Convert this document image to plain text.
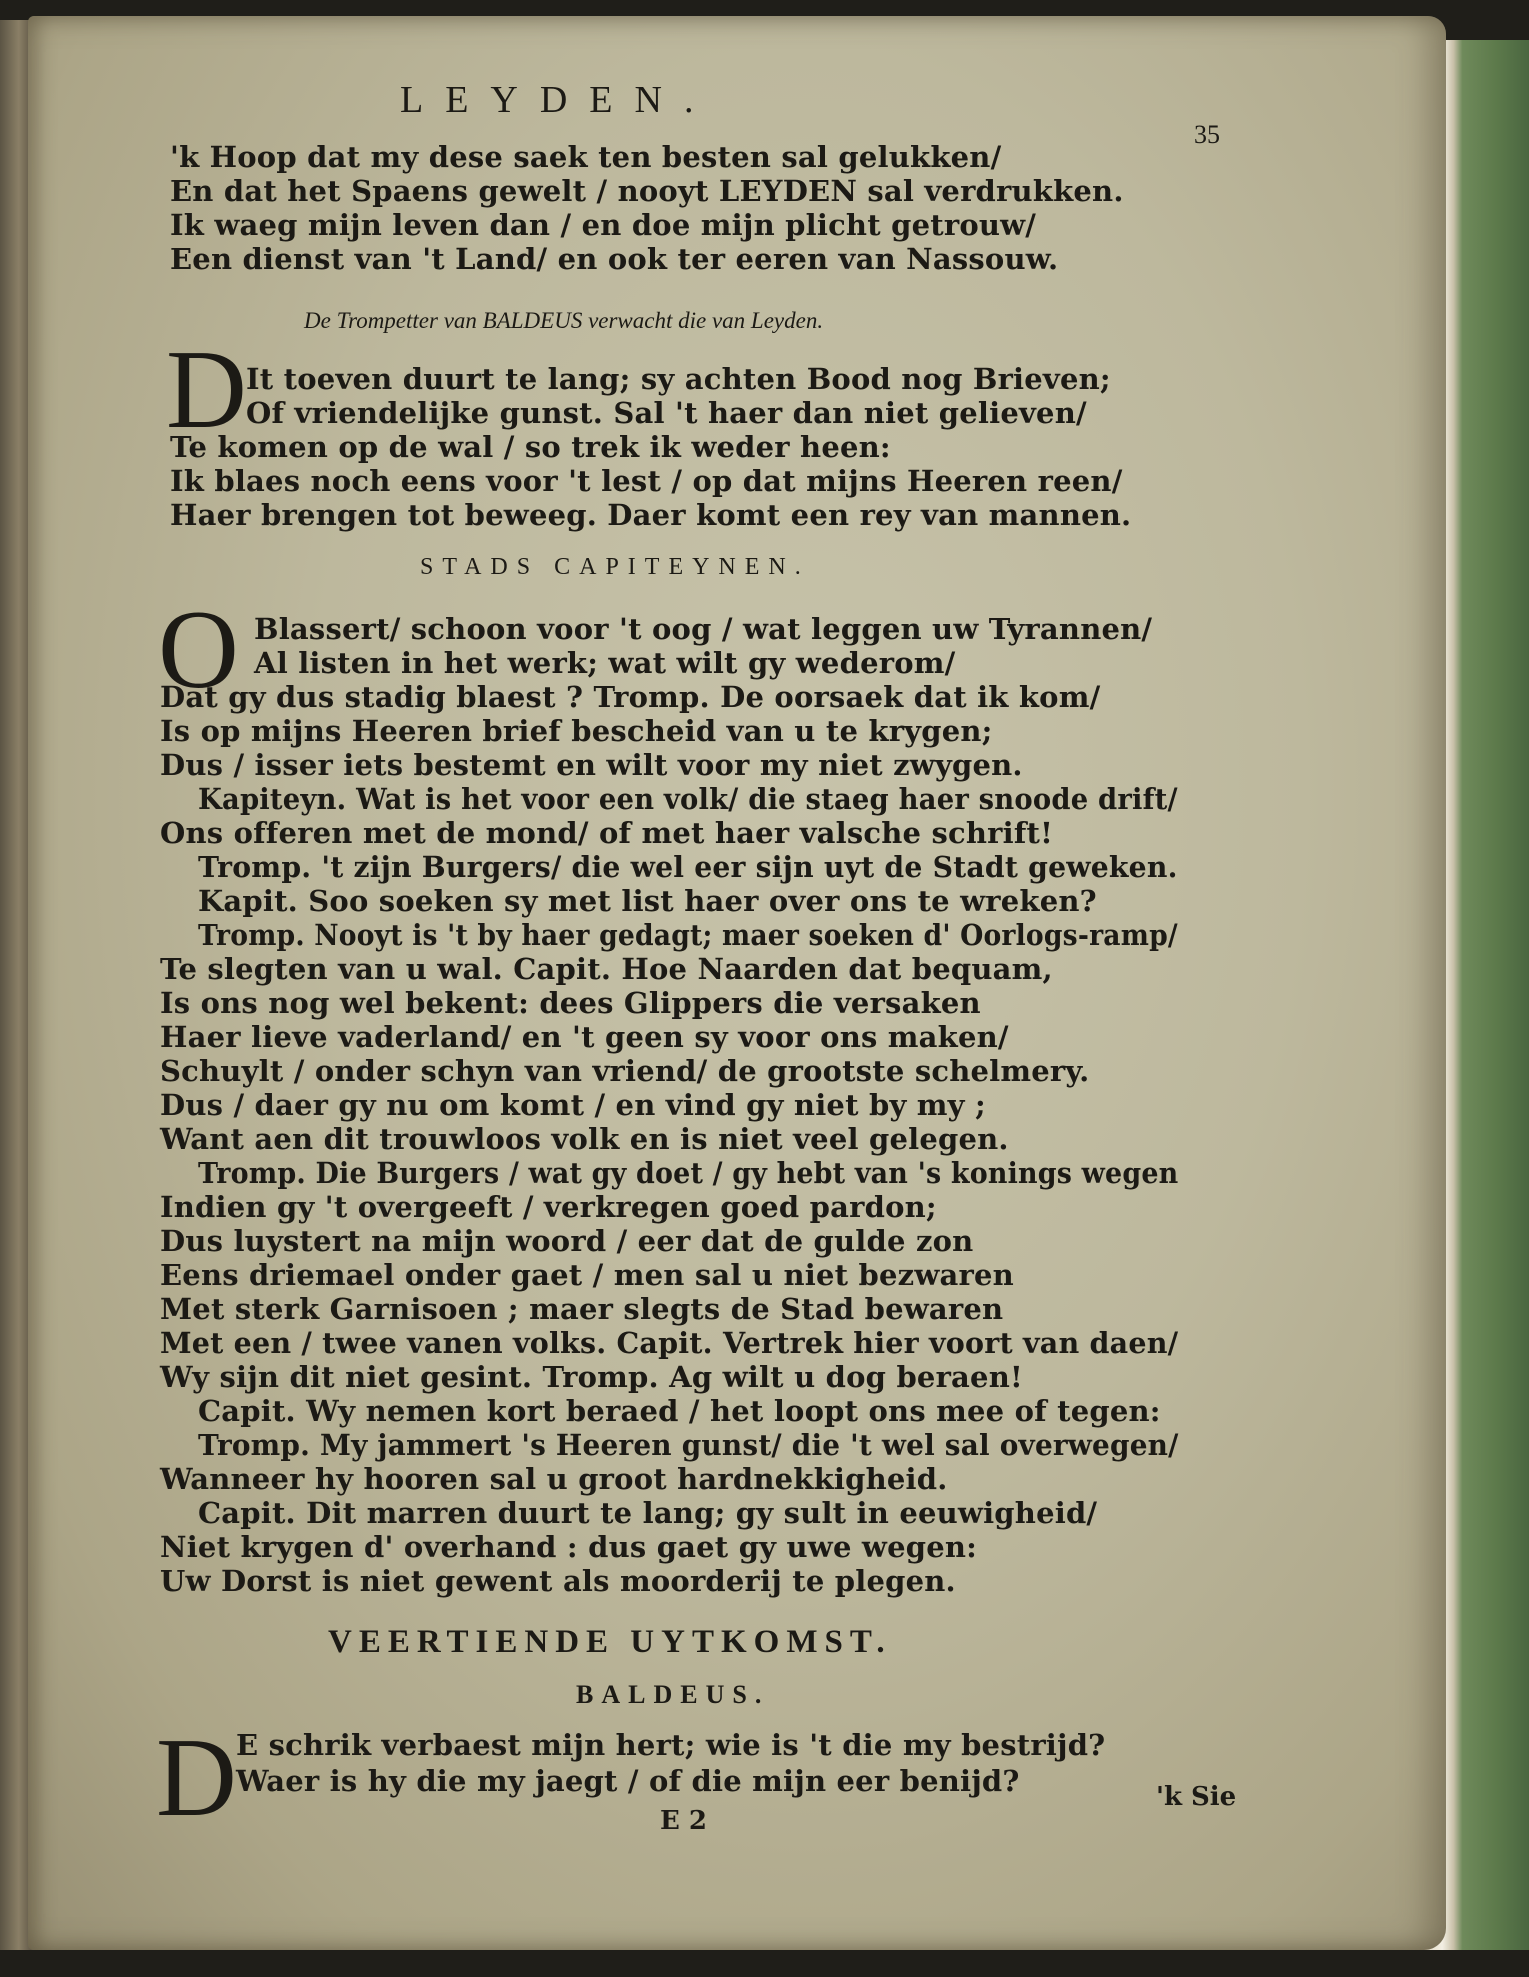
LEYDEN.
35
'k Hoop dat my dese saek ten besten sal gelukken/
En dat het Spaens gewelt / nooyt LEYDEN sal verdrukken.
Ik waeg mijn leven dan / en doe mijn plicht getrouw/
Een dienst van 't Land/ en ook ter eeren van Nassouw.
De Trompetter van BALDEUS verwacht die van Leyden.
D It toeven duurt te lang; sy achten Bood nog Brieven;
Of vriendelijke gunst. Sal 't haer dan niet gelieven/
Te komen op de wal / so trek ik weder heen:
Ik blaes noch eens voor 't lest / op dat mijns Heeren reen/
Haer brengen tot beweeg. Daer komt een rey van mannen.
STADS CAPITEYNEN.
O Blassert/ schoon voor 't oog / wat leggen uw Tyrannen/
Al listen in het werk; wat wilt gy wederom/
Dat gy dus stadig blaest ? Tromp. De oorsaek dat ik kom/
Is op mijns Heeren brief bescheid van u te krygen;
Dus / isser iets bestemt en wilt voor my niet zwygen.
Kapiteyn. Wat is het voor een volk/ die staeg haer snoode drift/
Ons offeren met de mond/ of met haer valsche schrift!
Tromp. 't zijn Burgers/ die wel eer sijn uyt de Stadt geweken.
Kapit. Soo soeken sy met list haer over ons te wreken?
Tromp. Nooyt is 't by haer gedagt; maer soeken d' Oorlogs-ramp/
Te slegten van u wal. Capit. Hoe Naarden dat bequam,
Is ons nog wel bekent: dees Glippers die versaken
Haer lieve vaderland/ en 't geen sy voor ons maken/
Schuylt / onder schyn van vriend/ de grootste schelmery.
Dus / daer gy nu om komt / en vind gy niet by my ;
Want aen dit trouwloos volk en is niet veel gelegen.
Tromp. Die Burgers / wat gy doet / gy hebt van 's konings wegen
Indien gy 't overgeeft / verkregen goed pardon;
Dus luystert na mijn woord / eer dat de gulde zon
Eens driemael onder gaet / men sal u niet bezwaren
Met sterk Garnisoen ; maer slegts de Stad bewaren
Met een / twee vanen volks. Capit. Vertrek hier voort van daen/
Wy sijn dit niet gesint. Tromp. Ag wilt u dog beraen!
Capit. Wy nemen kort beraed / het loopt ons mee of tegen:
Tromp. My jammert 's Heeren gunst/ die 't wel sal overwegen/
Wanneer hy hooren sal u groot hardnekkigheid.
Capit. Dit marren duurt te lang; gy sult in eeuwigheid/
Niet krygen d' overhand : dus gaet gy uwe wegen:
Uw Dorst is niet gewent als moorderij te plegen.
VEERTIENDE UYTKOMST.
BALDEUS.
D E schrik verbaest mijn hert; wie is 't die my bestrijd?
Waer is hy die my jaegt / of die mijn eer benijd?
E 2
'k Sie
